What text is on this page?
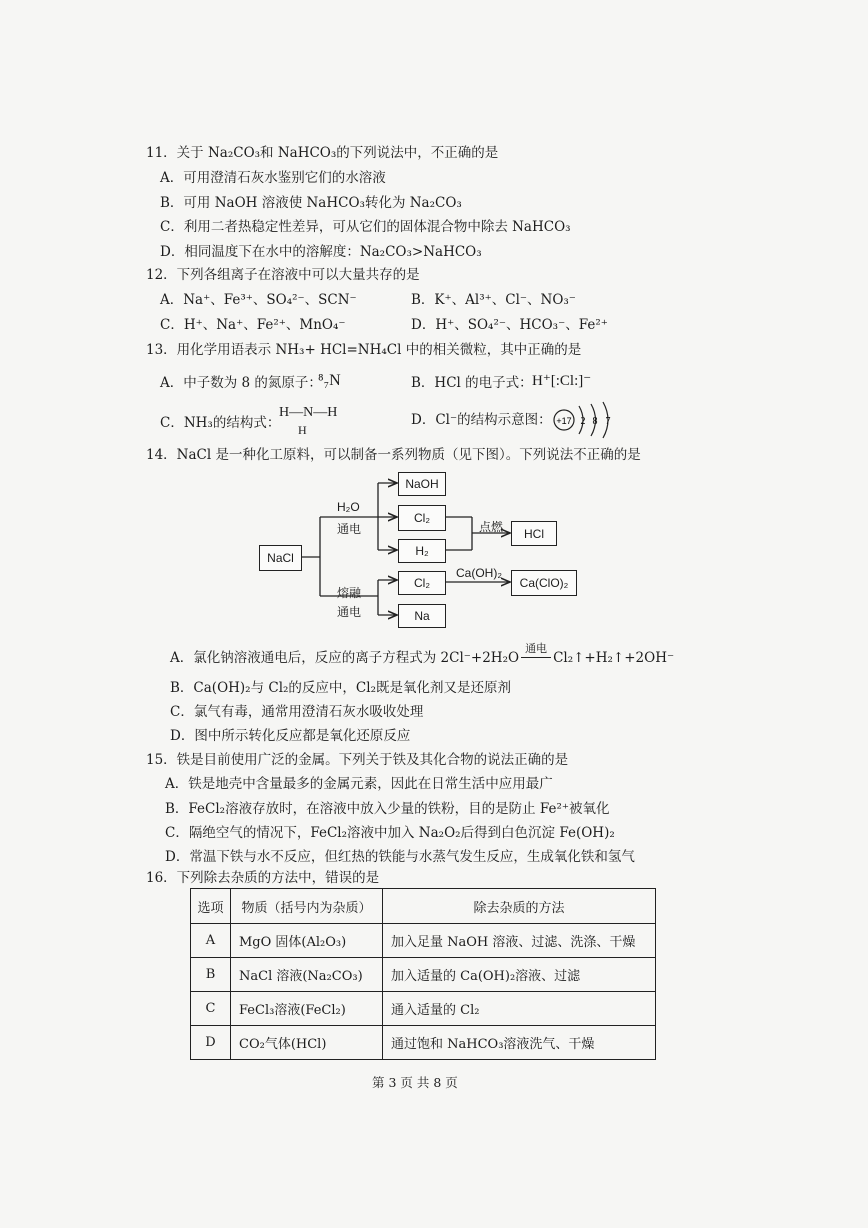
11．关于 Na₂CO₃和 NaHCO₃的下列说法中，不正确的是
A．可用澄清石灰水鉴别它们的水溶液
B．可用 NaOH 溶液使 NaHCO₃转化为 Na₂CO₃
C．利用二者热稳定性差异，可从它们的固体混合物中除去 NaHCO₃
D．相同温度下在水中的溶解度：Na₂CO₃>NaHCO₃
12．下列各组离子在溶液中可以大量共存的是
A．Na⁺、Fe³⁺、SO₄²⁻、SCN⁻	B．K⁺、Al³⁺、Cl⁻、NO₃⁻
C．H⁺、Na⁺、Fe²⁺、MnO₄⁻	D．H⁺、SO₄²⁻、HCO₃⁻、Fe²⁺
13．用化学用语表示 NH₃+ HCl=NH₄Cl 中的相关微粒，其中正确的是
A．中子数为 8 的氮原子：
⁸₇N	B．HCl 的电子式： H⁺[:Cl:]⁻
C．NH₃的结构式：
H—N—H
H
D．Cl⁻的结构示意图： +17 2 8 7
14．NaCl 是一种化工原料，可以制备一系列物质（见下图）。下列说法不正确的是
NaCl
NaOH
Cl₂
H₂
HCl
Cl₂
Na
Ca(ClO)₂
H₂O
通电
熔融
通电
点燃
Ca(OH)₂
A．氯化钠溶液通电后，反应的离子方程式为 2Cl⁻+2H₂O
通电
Cl₂↑+H₂↑+2OH⁻
B．Ca(OH)₂与 Cl₂的反应中，Cl₂既是氧化剂又是还原剂
C．氯气有毒，通常用澄清石灰水吸收处理
D．图中所示转化反应都是氧化还原反应
15．铁是目前使用广泛的金属。下列关于铁及其化合物的说法正确的是
A．铁是地壳中含量最多的金属元素，因此在日常生活中应用最广
B．FeCl₂溶液存放时，在溶液中放入少量的铁粉，目的是防止 Fe²⁺被氧化
C．隔绝空气的情况下，FeCl₂溶液中加入 Na₂O₂后得到白色沉淀 Fe(OH)₂
D．常温下铁与水不反应，但红热的铁能与水蒸气发生反应，生成氧化铁和氢气
16．下列除去杂质的方法中，错误的是
选项	物质（括号内为杂质）	除去杂质的方法
A	MgO 固体(Al₂O₃)	加入足量 NaOH 溶液、过滤、洗涤、干燥
B	NaCl 溶液(Na₂CO₃)	加入适量的 Ca(OH)₂溶液、过滤
C	FeCl₃溶液(FeCl₂)	通入适量的 Cl₂
D	CO₂气体(HCl)	通过饱和 NaHCO₃溶液洗气、干燥
第 3 页 共 8 页
